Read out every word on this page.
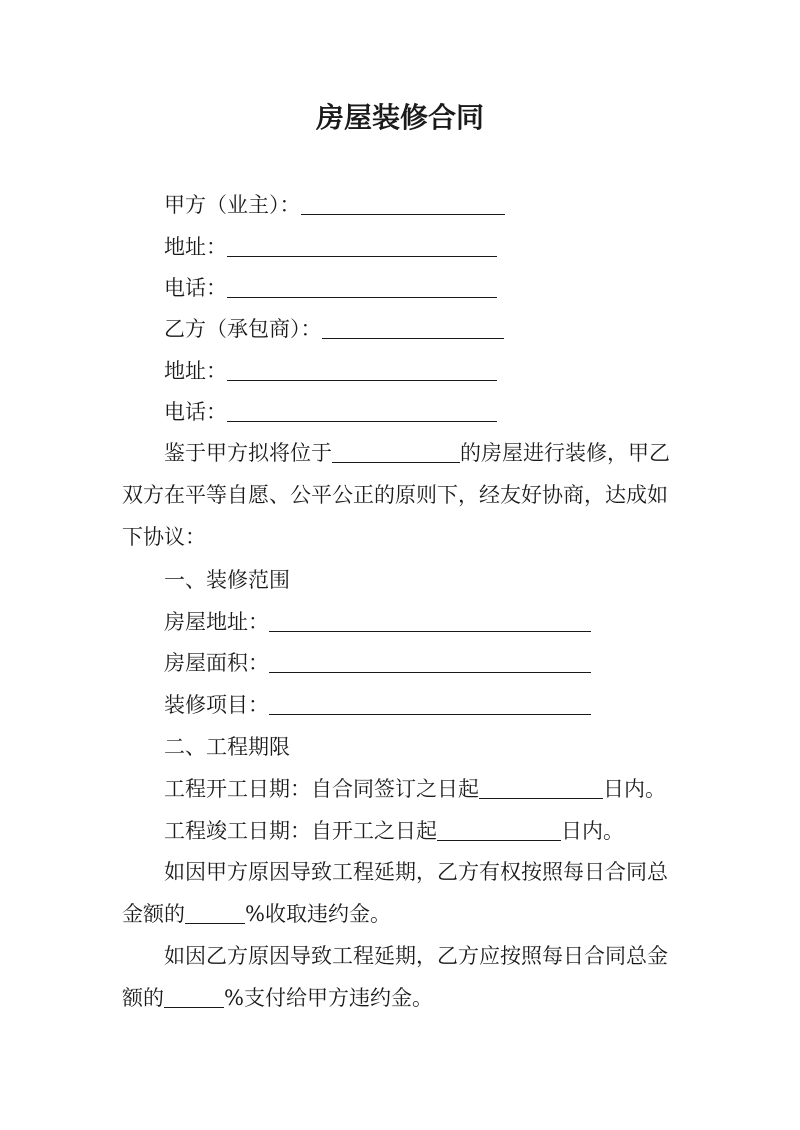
房屋装修合同
甲方（业主）：
地址：
电话：
乙方（承包商）：
地址：
电话：
鉴于甲方拟将位于	的房屋进行装修，甲乙
双方在平等自愿、公平公正的原则下，经友好协商，达成如
下协议：
一、装修范围
房屋地址：
房屋面积：
装修项目：
二、工程期限
工程开工日期：自合同签订之日起	日内。
工程竣工日期：自开工之日起	日内。
如因甲方原因导致工程延期，乙方有权按照每日合同总
金额的	%收取违约金。
如因乙方原因导致工程延期，乙方应按照每日合同总金
额的	%支付给甲方违约金。
